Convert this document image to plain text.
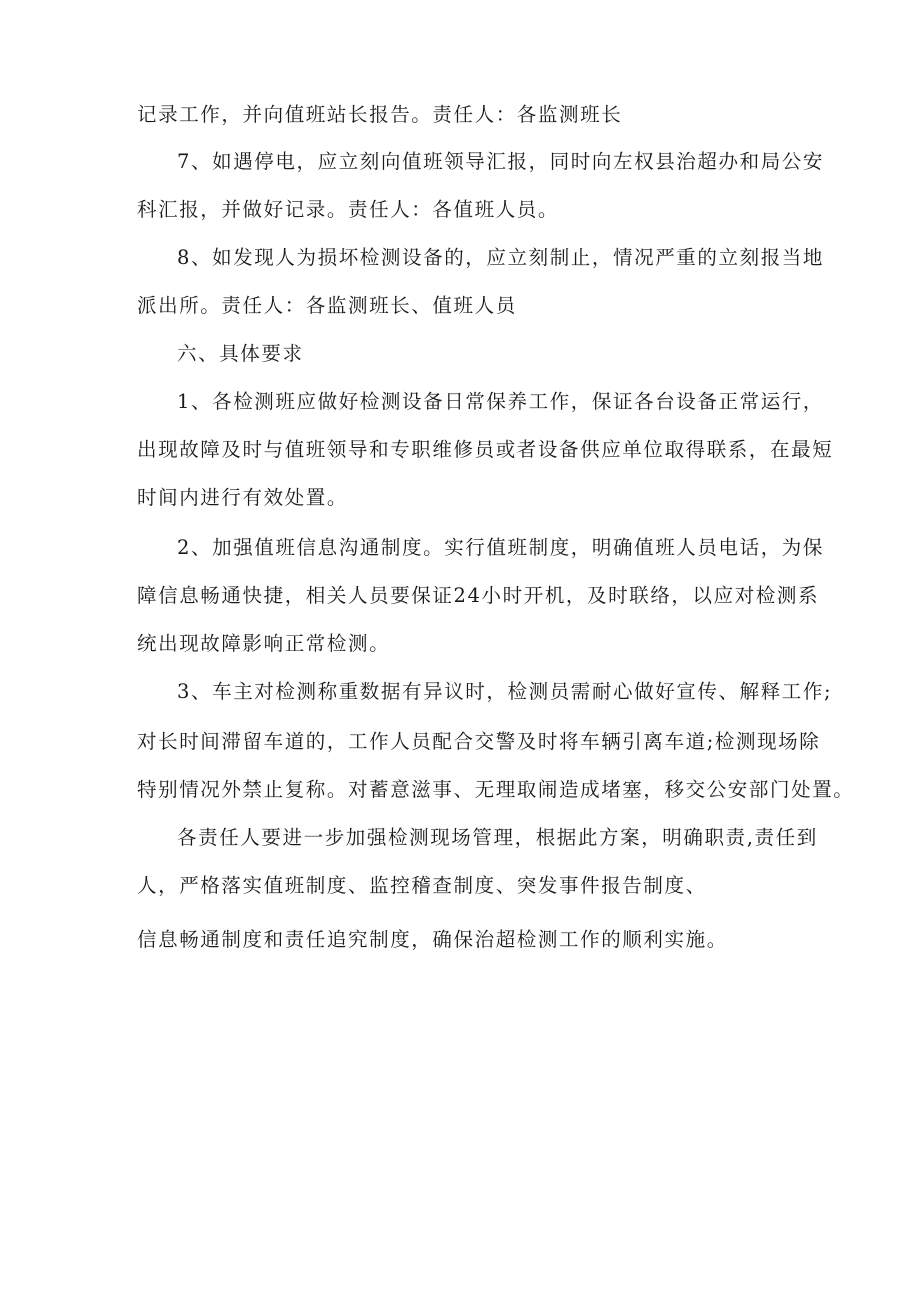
记录工作，并向值班站长报告。责任人：各监测班长
7、如遇停电，应立刻向值班领导汇报，同时向左权县治超办和局公安
科汇报，并做好记录。责任人：各值班人员。
8、如发现人为损坏检测设备的，应立刻制止，情况严重的立刻报当地
派出所。责任人：各监测班长、值班人员
六、具体要求
1、各检测班应做好检测设备日常保养工作，保证各台设备正常运行，
出现故障及时与值班领导和专职维修员或者设备供应单位取得联系，在最短
时间内进行有效处置。
2、加强值班信息沟通制度。实行值班制度，明确值班人员电话，为保
障信息畅通快捷，相关人员要保证24小时开机，及时联络，以应对检测系
统出现故障影响正常检测。
3、车主对检测称重数据有异议时，检测员需耐心做好宣传、解释工作;
对长时间滞留车道的，工作人员配合交警及时将车辆引离车道;检测现场除
特别情况外禁止复称。对蓄意滋事、无理取闹造成堵塞，移交公安部门处置。
各责任人要进一步加强检测现场管理，根据此方案，明确职责,责任到
人，严格落实值班制度、监控稽查制度、突发事件报告制度、
信息畅通制度和责任追究制度，确保治超检测工作的顺利实施。
